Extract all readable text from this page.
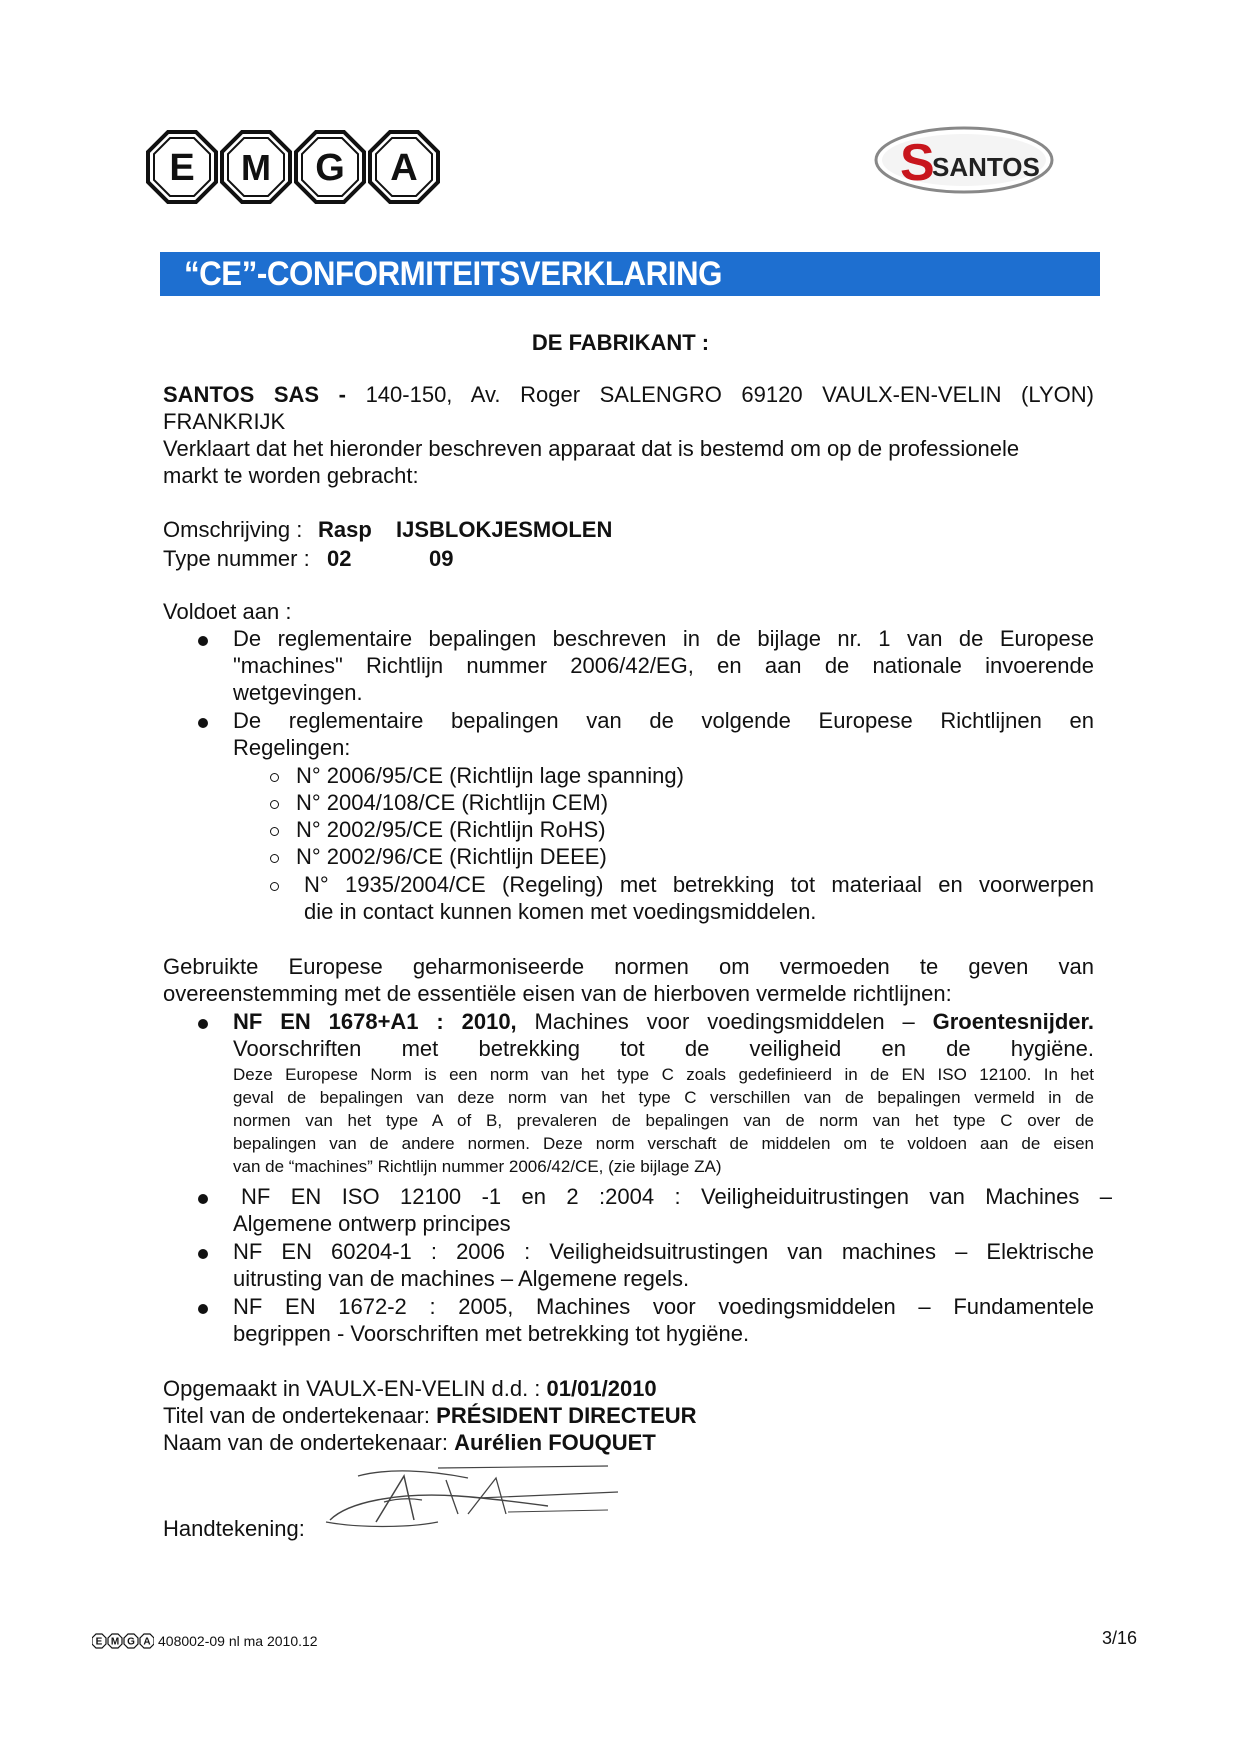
E M G A	S
SANTOS
“CE”-CONFORMITEITSVERKLARING
DE FABRIKANT :
SANTOS SAS - 140-150, Av. Roger SALENGRO 69120 VAULX-EN-VELIN (LYON)
FRANKRIJK
Verklaart dat het hieronder beschreven apparaat dat is bestemd om op de professionele
markt te worden gebracht:
Omschrijving : Rasp IJSBLOKJESMOLEN
Type nummer : 02	09
Voldoet aan :
De reglementaire bepalingen beschreven in de bijlage nr. 1 van de Europese
"machines" Richtlijn nummer 2006/42/EG, en aan de nationale invoerende
wetgevingen.
De reglementaire bepalingen van de volgende Europese Richtlijnen en
Regelingen:
N° 2006/95/CE (Richtlijn lage spanning)
N° 2004/108/CE (Richtlijn CEM)
N° 2002/95/CE (Richtlijn RoHS)
N° 2002/96/CE (Richtlijn DEEE)
N° 1935/2004/CE (Regeling) met betrekking tot materiaal en voorwerpen
die in contact kunnen komen met voedingsmiddelen.
Gebruikte Europese geharmoniseerde normen om vermoeden te geven van
overeenstemming met de essentiële eisen van de hierboven vermelde richtlijnen:
NF EN 1678+A1 : 2010, Machines voor voedingsmiddelen – Groentesnijder.
Voorschriften met betrekking tot de veiligheid en de hygiëne.
Deze Europese Norm is een norm van het type C zoals gedefinieerd in de EN ISO 12100. In het
geval de bepalingen van deze norm van het type C verschillen van de bepalingen vermeld in de
normen van het type A of B, prevaleren de bepalingen van de norm van het type C over de
bepalingen van de andere normen. Deze norm verschaft de middelen om te voldoen aan de eisen
van de “machines” Richtlijn nummer 2006/42/CE, (zie bijlage ZA)
NF EN ISO 12100 -1 en 2 :2004 : Veiligheiduitrustingen van Machines –
Algemene ontwerp principes
NF EN 60204-1 : 2006 : Veiligheidsuitrustingen van machines – Elektrische
uitrusting van de machines – Algemene regels.
NF EN 1672-2 : 2005, Machines voor voedingsmiddelen – Fundamentele
begrippen - Voorschriften met betrekking tot hygiëne.
Opgemaakt in VAULX-EN-VELIN d.d. : 01/01/2010
Titel van de ondertekenaar: PRÉSIDENT DIRECTEUR
Naam van de ondertekenaar: Aurélien FOUQUET
Handtekening:
E M G A 408002-09 nl ma 2010.12	3/16
